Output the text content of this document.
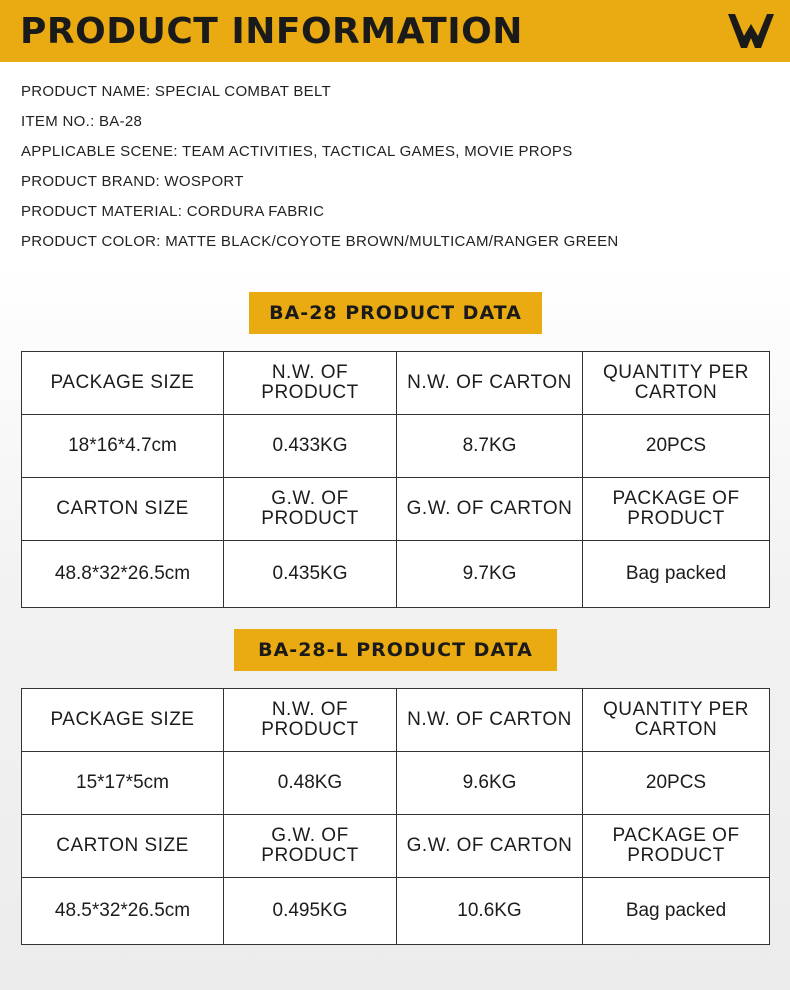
PRODUCT INFORMATION
PRODUCT NAME: SPECIAL COMBAT BELT
ITEM NO.: BA-28
APPLICABLE SCENE: TEAM ACTIVITIES, TACTICAL GAMES, MOVIE PROPS
PRODUCT BRAND: WOSPORT
PRODUCT MATERIAL: CORDURA FABRIC
PRODUCT COLOR: MATTE BLACK/COYOTE BROWN/MULTICAM/RANGER GREEN
BA-28 PRODUCT DATA
PACKAGE SIZE	N.W. OF PRODUCT	N.W. OF CARTON	QUANTITY PER CARTON
18*16*4.7cm	0.433KG	8.7KG	20PCS
CARTON SIZE	G.W. OF PRODUCT	G.W. OF CARTON	PACKAGE OF PRODUCT
48.8*32*26.5cm	0.435KG	9.7KG	Bag packed
BA-28-L PRODUCT DATA
PACKAGE SIZE	N.W. OF PRODUCT	N.W. OF CARTON	QUANTITY PER CARTON
15*17*5cm	0.48KG	9.6KG	20PCS
CARTON SIZE	G.W. OF PRODUCT	G.W. OF CARTON	PACKAGE OF PRODUCT
48.5*32*26.5cm	0.495KG	10.6KG	Bag packed
